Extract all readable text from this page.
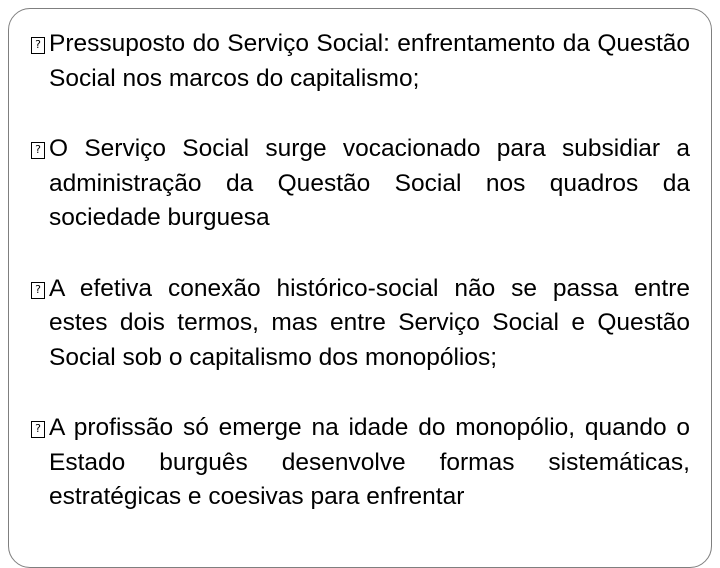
? Pressuposto do Serviço Social: enfrentamento da Questão Social nos marcos do capitalismo;
? O Serviço Social surge vocacionado para subsidiar a administração da Questão Social nos quadros da sociedade burguesa
? A efetiva conexão histórico-social não se passa entre estes dois termos, mas entre Serviço Social e Questão Social sob o capitalismo dos monopólios;
? A profissão só emerge na idade do monopólio, quando o Estado burguês desenvolve formas sistemáticas, estratégicas e coesivas para enfrentar
